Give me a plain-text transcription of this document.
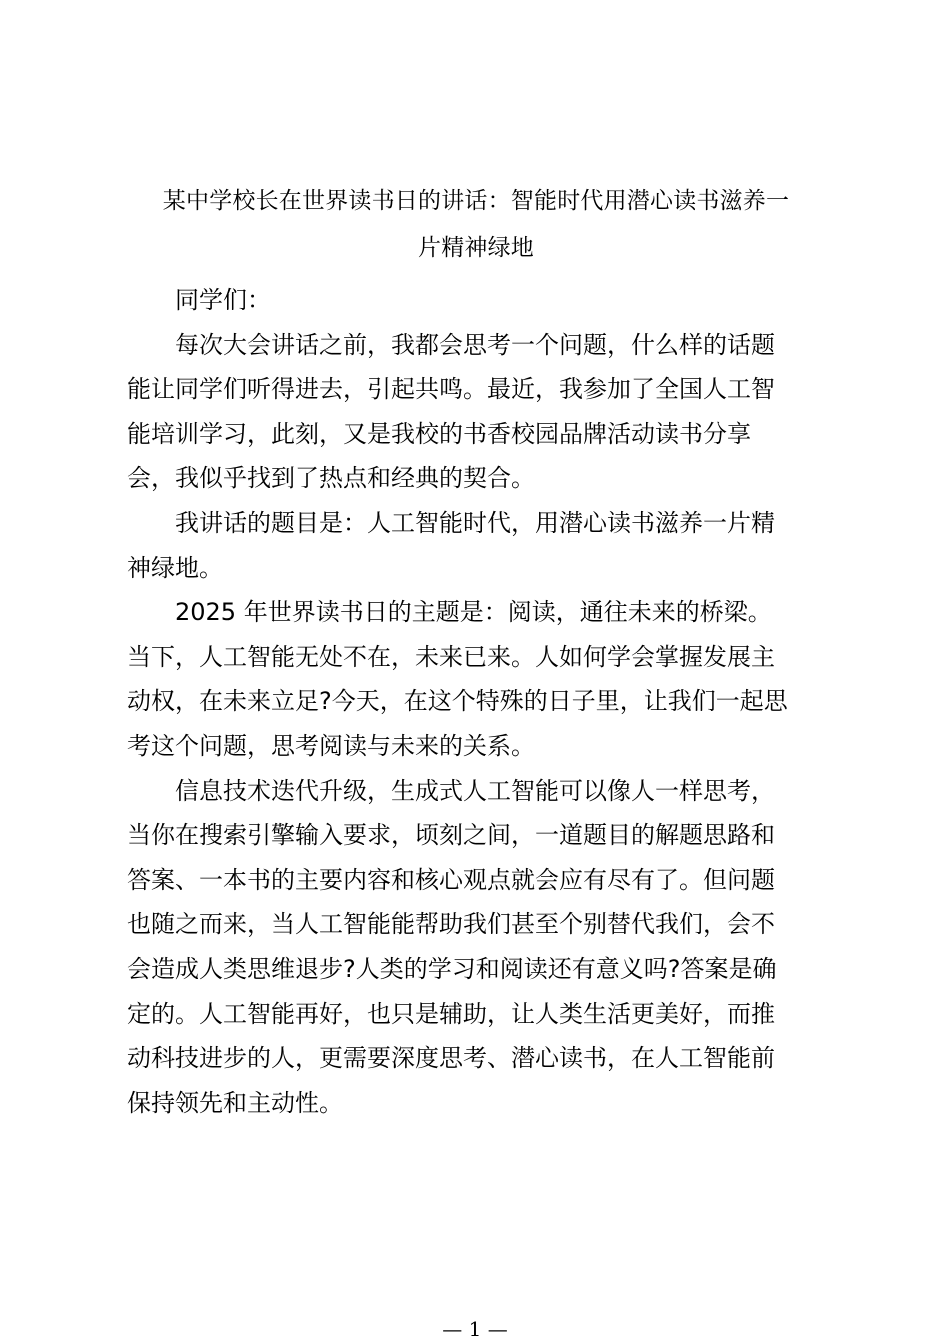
某中学校长在世界读书日的讲话：智能时代用潜心读书滋养一
片精神绿地

同学们：

每次大会讲话之前，我都会思考一个问题，什么样的话题
能让同学们听得进去，引起共鸣。最近，我参加了全国人工智
能培训学习，此刻，又是我校的书香校园品牌活动读书分享
会，我似乎找到了热点和经典的契合。

我讲话的题目是：人工智能时代，用潜心读书滋养一片精
神绿地。

2025 年世界读书日的主题是：阅读，通往未来的桥梁。
当下，人工智能无处不在，未来已来。人如何学会掌握发展主
动权，在未来立足?今天，在这个特殊的日子里，让我们一起思
考这个问题，思考阅读与未来的关系。

信息技术迭代升级，生成式人工智能可以像人一样思考，
当你在搜索引擎输入要求，顷刻之间，一道题目的解题思路和
答案、一本书的主要内容和核心观点就会应有尽有了。但问题
也随之而来，当人工智能能帮助我们甚至个别替代我们，会不
会造成人类思维退步?人类的学习和阅读还有意义吗?答案是确
定的。人工智能再好，也只是辅助，让人类生活更美好，而推
动科技进步的人，更需要深度思考、潜心读书，在人工智能前
保持领先和主动性。

— 1 —
